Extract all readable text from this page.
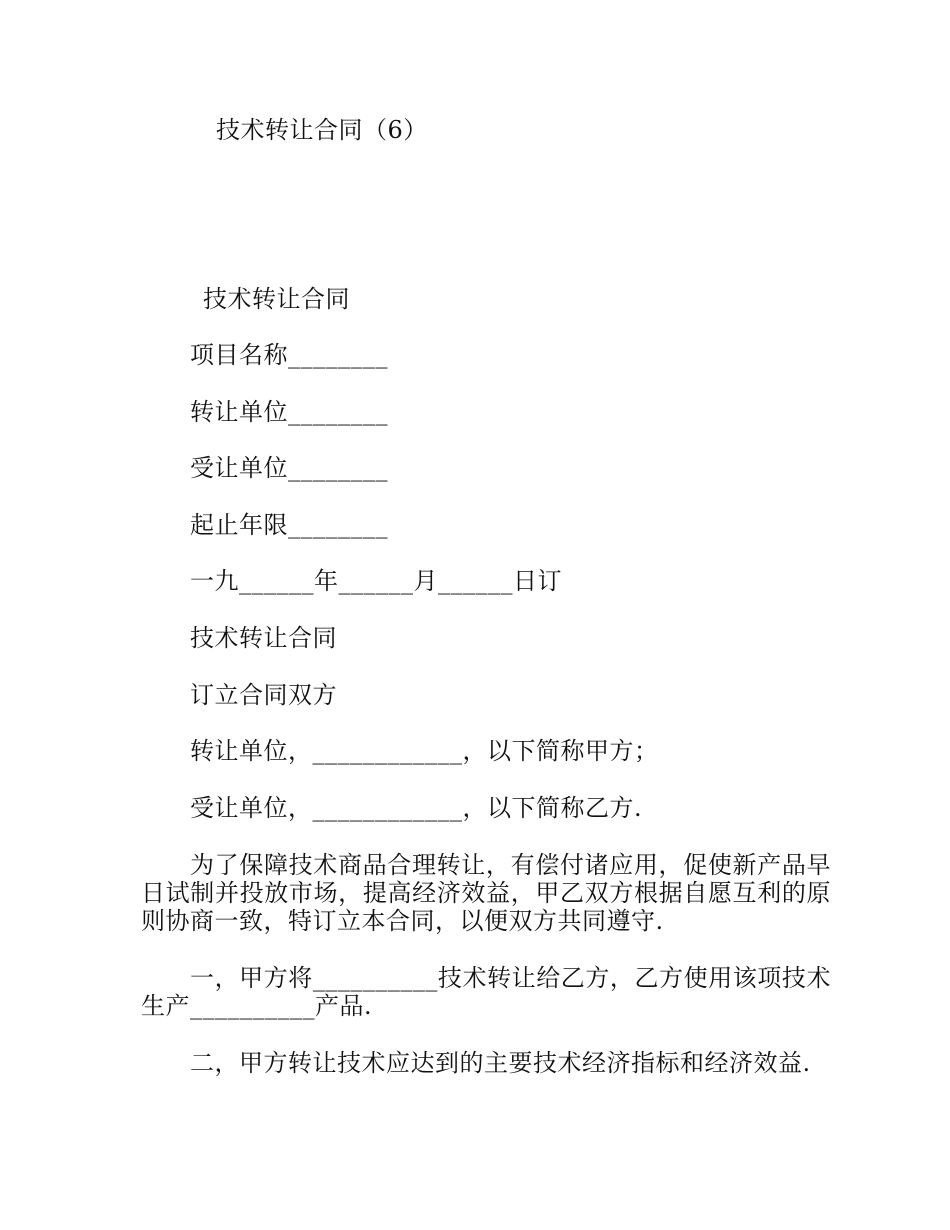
技术转让合同（6）
技术转让合同
项目名称________
转让单位________
受让单位________
起止年限________
一九______年______月______日订
技术转让合同
订立合同双方
转让单位，____________，以下简称甲方；
受让单位，____________，以下简称乙方.
为了保障技术商品合理转让，有偿付诸应用，促使新产品早日试制并投放市场，提高经济效益，甲乙双方根据自愿互利的原则协商一致，特订立本合同，以便双方共同遵守.
一，甲方将__________技术转让给乙方，乙方使用该项技术生产__________产品.
二，甲方转让技术应达到的主要技术经济指标和经济效益.
